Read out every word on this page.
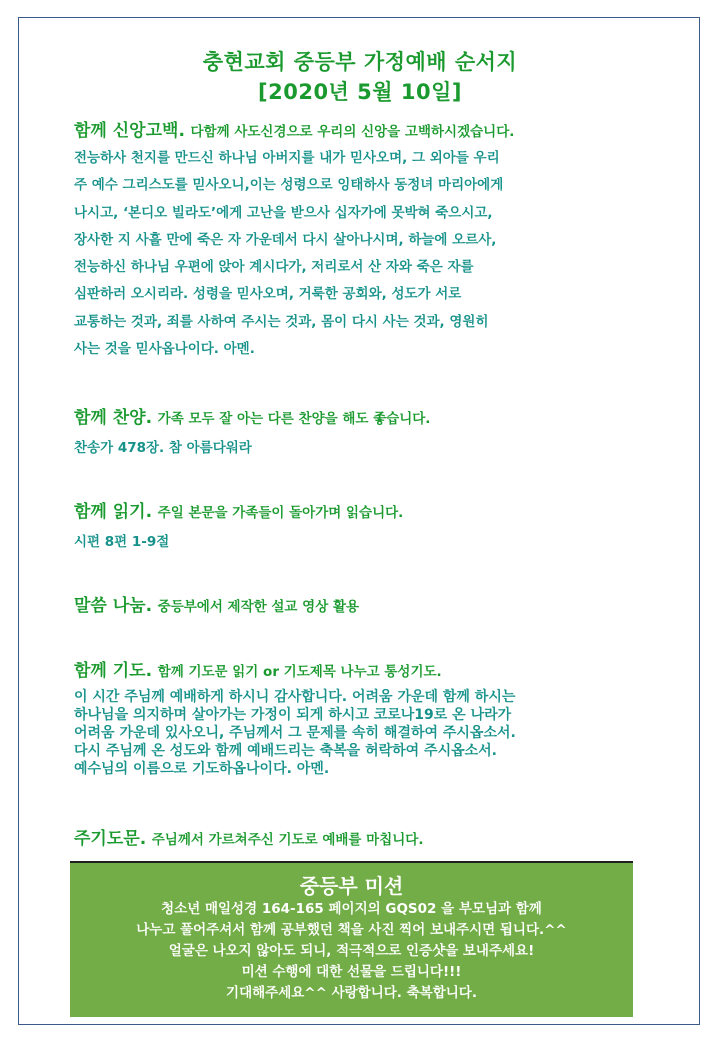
충현교회 중등부 가정예배 순서지
[2020년 5월 10일]
함께 신앙고백. 다함께 사도신경으로 우리의 신앙을 고백하시겠습니다.
전능하사 천지를 만드신 하나님 아버지를 내가 믿사오며, 그 외아들 우리
주 예수 그리스도를 믿사오니,이는 성령으로 잉태하사 동정녀 마리아에게
나시고, ‘본디오 빌라도’에게 고난을 받으사 십자가에 못박혀 죽으시고,
장사한 지 사흘 만에 죽은 자 가운데서 다시 살아나시며, 하늘에 오르사,
전능하신 하나님 우편에 앉아 계시다가, 저리로서 산 자와 죽은 자를
심판하러 오시리라. 성령을 믿사오며, 거룩한 공회와, 성도가 서로
교통하는 것과, 죄를 사하여 주시는 것과, 몸이 다시 사는 것과, 영원히
사는 것을 믿사옵나이다. 아멘.
함께 찬양. 가족 모두 잘 아는 다른 찬양을 해도 좋습니다.
찬송가 478장. 참 아름다워라
함께 읽기. 주일 본문을 가족들이 돌아가며 읽습니다.
시편 8편 1-9절
말씀 나눔. 중등부에서 제작한 설교 영상 활용
함께 기도. 함께 기도문 읽기 or 기도제목 나누고 통성기도.
이 시간 주님께 예배하게 하시니 감사합니다. 어려움 가운데 함께 하시는
하나님을 의지하며 살아가는 가정이 되게 하시고 코로나19로 온 나라가
어려움 가운데 있사오니, 주님께서 그 문제를 속히 해결하여 주시옵소서.
다시 주님께 온 성도와 함께 예배드리는 축복을 허락하여 주시옵소서.
예수님의 이름으로 기도하옵나이다. 아멘.
주기도문. 주님께서 가르쳐주신 기도로 예배를 마칩니다.
중등부 미션
청소년 매일성경 164-165 페이지의 GQS02 을 부모님과 함께
나누고 풀어주셔서 함께 공부했던 책을 사진 찍어 보내주시면 됩니다.^^
얼굴은 나오지 않아도 되니, 적극적으로 인증샷을 보내주세요!
미션 수행에 대한 선물을 드립니다!!!
기대해주세요^^ 사랑합니다. 축복합니다.
